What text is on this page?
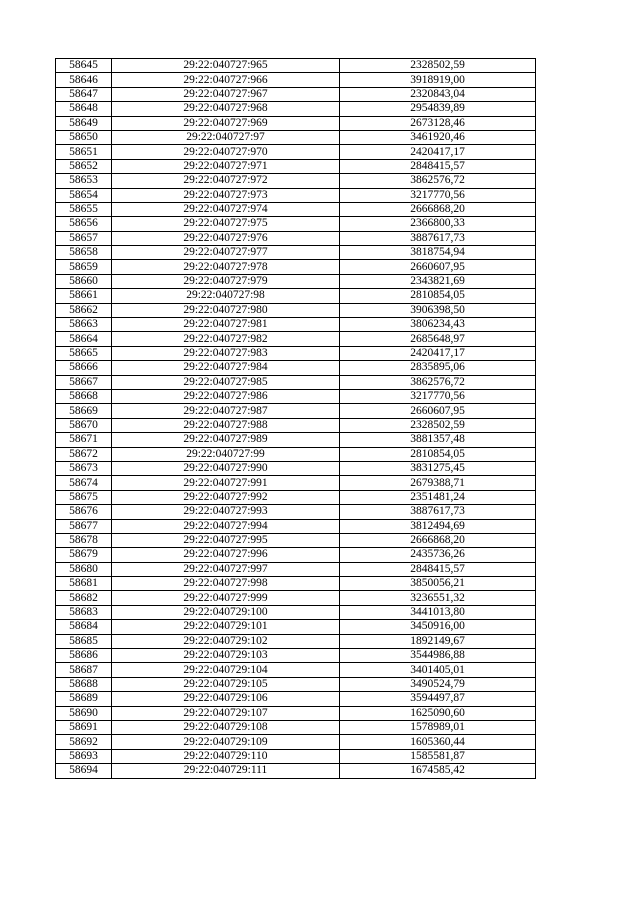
58645	29:22:040727:965	2328502,59
58646	29:22:040727:966	3918919,00
58647	29:22:040727:967	2320843,04
58648	29:22:040727:968	2954839,89
58649	29:22:040727:969	2673128,46
58650	29:22:040727:97	3461920,46
58651	29:22:040727:970	2420417,17
58652	29:22:040727:971	2848415,57
58653	29:22:040727:972	3862576,72
58654	29:22:040727:973	3217770,56
58655	29:22:040727:974	2666868,20
58656	29:22:040727:975	2366800,33
58657	29:22:040727:976	3887617,73
58658	29:22:040727:977	3818754,94
58659	29:22:040727:978	2660607,95
58660	29:22:040727:979	2343821,69
58661	29:22:040727:98	2810854,05
58662	29:22:040727:980	3906398,50
58663	29:22:040727:981	3806234,43
58664	29:22:040727:982	2685648,97
58665	29:22:040727:983	2420417,17
58666	29:22:040727:984	2835895,06
58667	29:22:040727:985	3862576,72
58668	29:22:040727:986	3217770,56
58669	29:22:040727:987	2660607,95
58670	29:22:040727:988	2328502,59
58671	29:22:040727:989	3881357,48
58672	29:22:040727:99	2810854,05
58673	29:22:040727:990	3831275,45
58674	29:22:040727:991	2679388,71
58675	29:22:040727:992	2351481,24
58676	29:22:040727:993	3887617,73
58677	29:22:040727:994	3812494,69
58678	29:22:040727:995	2666868,20
58679	29:22:040727:996	2435736,26
58680	29:22:040727:997	2848415,57
58681	29:22:040727:998	3850056,21
58682	29:22:040727:999	3236551,32
58683	29:22:040729:100	3441013,80
58684	29:22:040729:101	3450916,00
58685	29:22:040729:102	1892149,67
58686	29:22:040729:103	3544986,88
58687	29:22:040729:104	3401405,01
58688	29:22:040729:105	3490524,79
58689	29:22:040729:106	3594497,87
58690	29:22:040729:107	1625090,60
58691	29:22:040729:108	1578989,01
58692	29:22:040729:109	1605360,44
58693	29:22:040729:110	1585581,87
58694	29:22:040729:111	1674585,42
